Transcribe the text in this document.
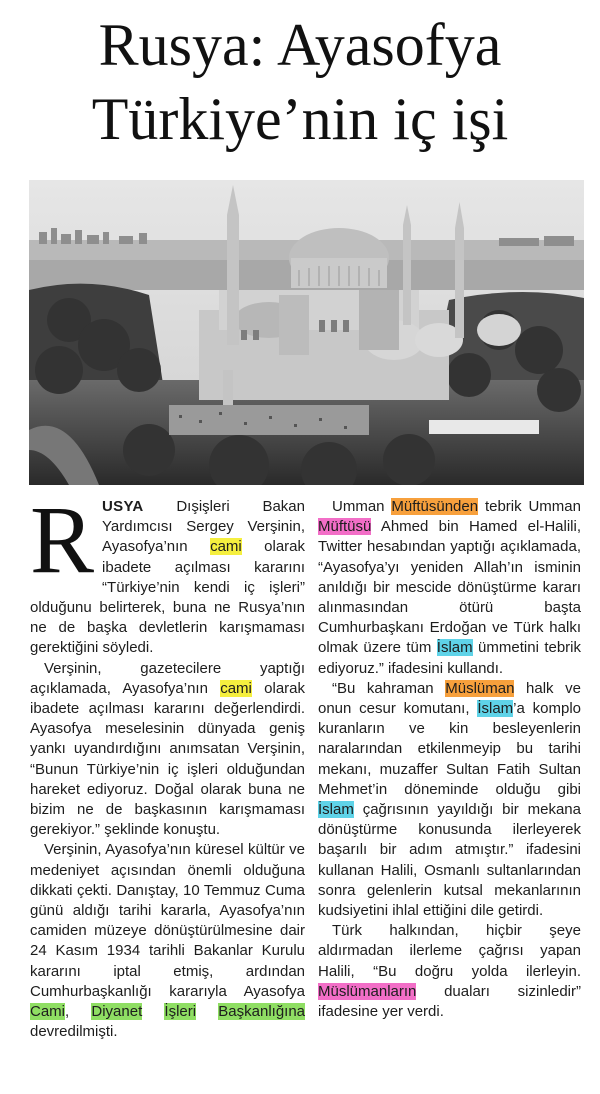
Rusya: Ayasofya
Türkiye’nin iç işi

RUSYA Dışişleri Bakan Yardımcısı Sergey Verşinin, Ayasofya’nın cami olarak ibadete açılması kararını “Türkiye’nin kendi iç işleri” olduğunu belirterek, buna ne Rusya’nın ne de başka devletlerin karışmaması gerektiğini söyledi.

Verşinin, gazetecilere yaptığı açıklamada, Ayasofya’nın cami olarak ibadete açılması kararını değerlendirdi. Ayasofya meselesinin dünyada geniş yankı uyandırdığını anımsatan Verşinin, “Bunun Türkiye’nin iç işleri olduğundan hareket ediyoruz. Doğal olarak buna ne bizim ne de başkasının karışmaması gerekiyor.” şeklinde konuştu.

Verşinin, Ayasofya’nın küresel kültür ve medeniyet açısından önemli olduğuna dikkati çekti. Danıştay, 10 Temmuz Cuma günü aldığı tarihi kararla, Ayasofya’nın camiden müzeye dönüştürülmesine dair 24 Kasım 1934 tarihli Bakanlar Kurulu kararını iptal etmiş, ardından Cumhurbaşkanlığı kararıyla Ayasofya Cami, Diyanet İşleri Başkanlığına devredilmişti.

Umman Müftüsünden tebrik Umman Müftüsü Ahmed bin Hamed el-Halili, Twitter hesabından yaptığı açıklamada, “Ayasofya’yı yeniden Allah’ın isminin anıldığı bir mescide dönüştürme kararı alınmasından ötürü başta Cumhurbaşkanı Erdoğan ve Türk halkı olmak üzere tüm İslam ümmetini tebrik ediyoruz.” ifadesini kullandı.

“Bu kahraman Müslüman halk ve onun cesur komutanı, İslam’a komplo kuranların ve kin besleyenlerin naralarından etkilenmeyip bu tarihi mekanı, muzaffer Sultan Fatih Sultan Mehmet’in döneminde olduğu gibi İslam çağrısının yayıldığı bir mekana dönüştürme konusunda ilerleyerek başarılı bir adım atmıştır.” ifadesini kullanan Halili, Osmanlı sultanlarından sonra gelenlerin kutsal mekanlarının kudsiyetini ihlal ettiğini dile getirdi.

Türk halkından, hiçbir şeye aldırmadan ilerleme çağrısı yapan Halili, “Bu doğru yolda ilerleyin. Müslümanların duaları sizinledir” ifadesine yer verdi.
